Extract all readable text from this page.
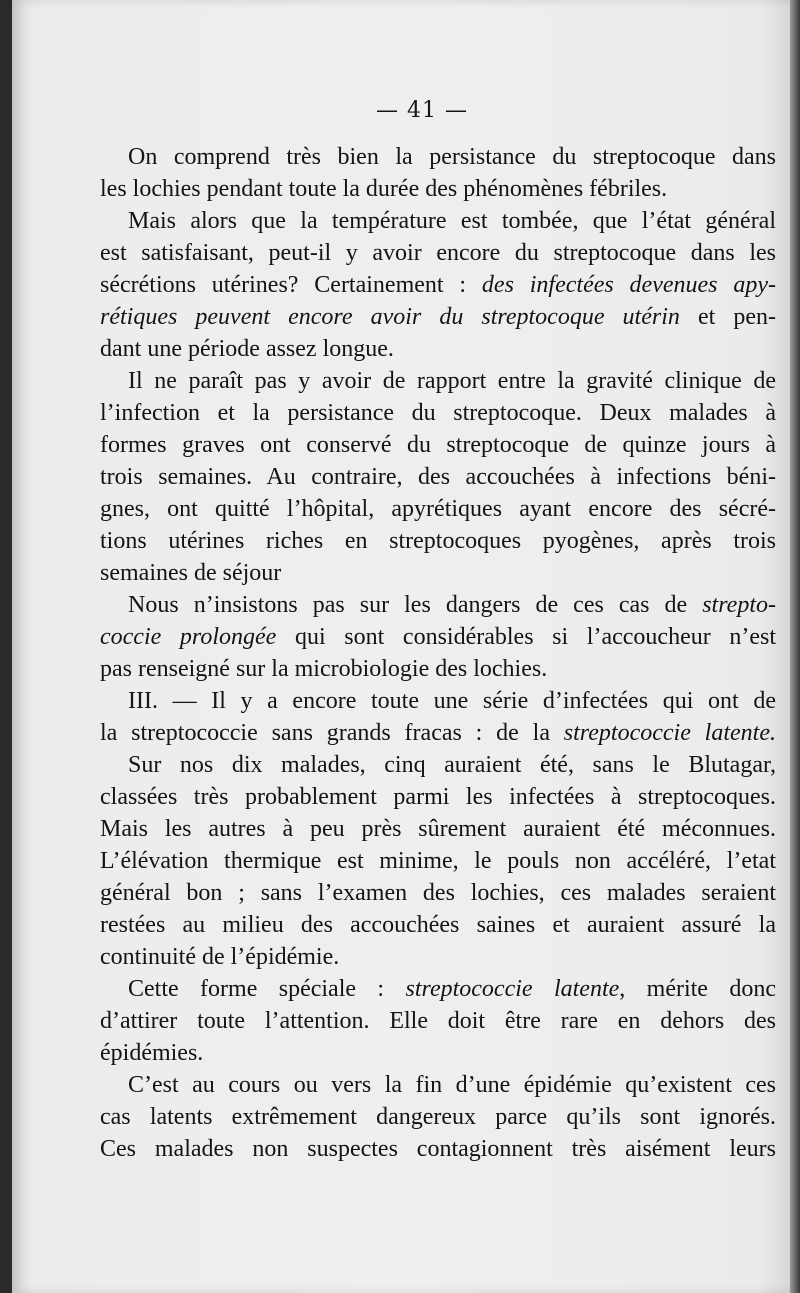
— 41 —

On comprend très bien la persistance du streptocoque dans
les lochies pendant toute la durée des phénomènes fébriles.

Mais alors que la température est tombée, que l’état général
est satisfaisant, peut-il y avoir encore du streptocoque dans les
sécrétions utérines? Certainement : des infectées devenues apy-
rétiques peuvent encore avoir du streptocoque utérin et pen-
dant une période assez longue.

Il ne paraît pas y avoir de rapport entre la gravité clinique de
l’infection et la persistance du streptocoque. Deux malades à
formes graves ont conservé du streptocoque de quinze jours à
trois semaines. Au contraire, des accouchées à infections béni-
gnes, ont quitté l’hôpital, apyrétiques ayant encore des sécré-
tions utérines riches en streptocoques pyogènes, après trois
semaines de séjour

Nous n’insistons pas sur les dangers de ces cas de strepto-
coccie prolongée qui sont considérables si l’accoucheur n’est
pas renseigné sur la microbiologie des lochies.

III. — Il y a encore toute une série d’infectées qui ont de
la streptococcie sans grands fracas : de la streptococcie latente.

Sur nos dix malades, cinq auraient été, sans le Blutagar,
classées très probablement parmi les infectées à streptocoques.
Mais les autres à peu près sûrement auraient été méconnues.
L’élévation thermique est minime, le pouls non accéléré, l’etat
général bon ; sans l’examen des lochies, ces malades seraient
restées au milieu des accouchées saines et auraient assuré la
continuité de l’épidémie.

Cette forme spéciale : streptococcie latente, mérite donc
d’attirer toute l’attention. Elle doit être rare en dehors des
épidémies.

C’est au cours ou vers la fin d’une épidémie qu’existent ces
cas latents extrêmement dangereux parce qu’ils sont ignorés.
Ces malades non suspectes contagionnent très aisément leurs
